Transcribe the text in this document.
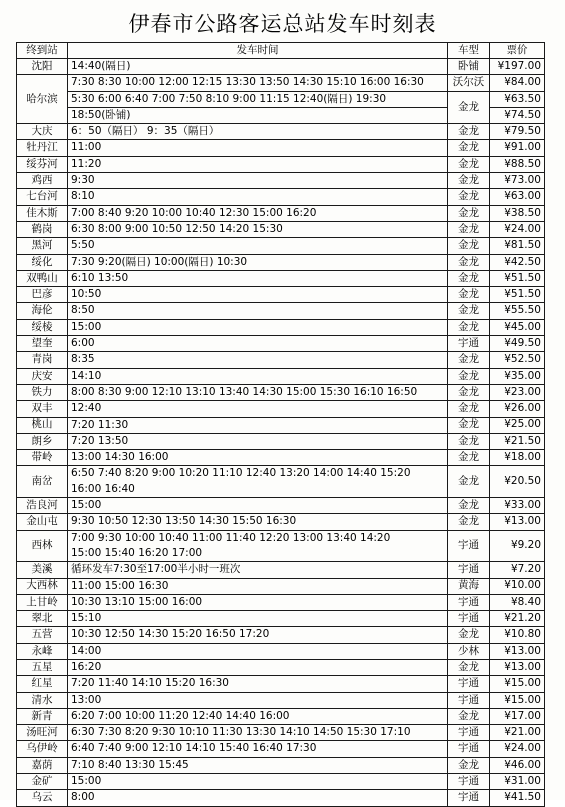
伊春市公路客运总站发车时刻表
终到站	发车时间	车型	票价
沈阳	14:40(隔日)	卧铺	¥197.00
哈尔滨	7:30 8:30 10:00 12:00 12:15 13:30 13:50 14:30 15:10 16:00 16:30	沃尔沃	¥84.00

	5:30 6:00 6:40 7:00 7:50 8:10 9:00 11:15 12:40(隔日) 19:30	金龙	¥63.50

	18:50(卧铺)		¥74.50
大庆	6：50（隔日） 9：35（隔日）	金龙	¥79.50
牡丹江	11:00	金龙	¥91.00
绥芬河	11:20	金龙	¥88.50
鸡西	9:30	金龙	¥73.00
七台河	8:10	金龙	¥63.00
佳木斯	7:00 8:40 9:20 10:00 10:40 12:30 15:00 16:20	金龙	¥38.50
鹤岗	6:30 8:00 9:00 10:50 12:50 14:20 15:30	金龙	¥24.00
黑河	5:50	金龙	¥81.50
绥化	7:30 9:20(隔日) 10:00(隔日) 10:30	金龙	¥42.50
双鸭山	6:10 13:50	金龙	¥51.50
巴彦	10:50	金龙	¥51.50
海伦	8:50	金龙	¥55.50
绥棱	15:00	金龙	¥45.00
望奎	6:00	宇通	¥49.50
青岗	8:35	金龙	¥52.50
庆安	14:10	金龙	¥35.00
铁力	8:00 8:30 9:00 12:10 13:10 13:40 14:30 15:00 15:30 16:10 16:50	金龙	¥23.00
双丰	12:40	金龙	¥26.00
桃山	7:20 11:30	金龙	¥25.00
朗乡	7:20 13:50	金龙	¥21.50
带岭	13:00 14:30 16:00	金龙	¥18.00
南岔	6:50 7:40 8:20 9:00 10:20 11:10 12:40 13:20 14:00 14:40 15:20
16:00 16:40	金龙	¥20.50
浩良河	15:00	金龙	¥33.00
金山屯	9:30 10:50 12:30 13:50 14:30 15:50 16:30	金龙	¥13.00
西林	7:00 9:30 10:00 10:40 11:00 11:40 12:20 13:00 13:40 14:20
15:00 15:40 16:20 17:00	宇通	¥9.20
美溪	循环发车7:30至17:00半小时一班次	宇通	¥7.20
大西林	11:00 15:00 16:30	黄海	¥10.00
上甘岭	10:30 13:10 15:00 16:00	宇通	¥8.40
翠北	15:10	宇通	¥21.20
五营	10:30 12:50 14:30 15:20 16:50 17:20	金龙	¥10.80
永峰	14:00	少林	¥13.00
五星	16:20	金龙	¥13.00
红星	7:20 11:40 14:10 15:20 16:30	宇通	¥15.00
清水	13:00	宇通	¥15.00
新青	6:20 7:00 10:00 11:20 12:40 14:40 16:00	金龙	¥17.00
汤旺河	6:30 7:30 8:20 9:30 10:10 11:30 13:30 14:10 14:50 15:30 17:10	宇通	¥21.00
乌伊岭	6:40 7:40 9:00 12:10 14:10 15:40 16:40 17:30	宇通	¥24.00
嘉荫	7:10 8:40 13:30 15:45	金龙	¥46.00
金矿	15:00	宇通	¥31.00
乌云	8:00	宇通	¥41.50
